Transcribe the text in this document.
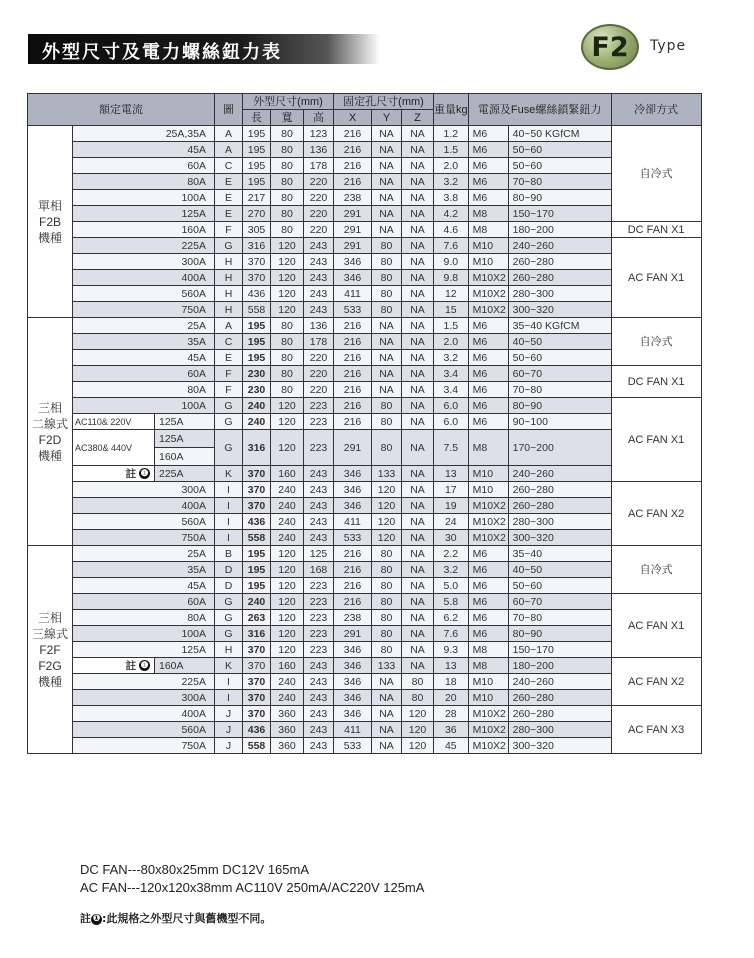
外型尺寸及電力螺絲鈕力表	F2	Type
額定電流			圖	外型尺寸(mm)			固定孔尺寸(mm)			重量kg	電源及Fuse螺絲鎖緊鈕力		冷卻方式
				長	寬	高	X	Y	Z				

單相
F2B
機種	25A,35A		A	195	80	123	216	NA	NA	1.2	M6	40~50 KGfCM	自冷式
	45A		A	195	80	136	216	NA	NA	1.5	M6	50~60	
	60A		C	195	80	178	216	NA	NA	2.0	M6	50~60	
	80A		E	195	80	220	216	NA	NA	3.2	M6	70~80	
	100A		E	217	80	220	238	NA	NA	3.8	M6	80~90	
	125A		E	270	80	220	291	NA	NA	4.2	M8	150~170	
	160A		F	305	80	220	291	NA	NA	4.6	M8	180~200	DC FAN X1
	225A		G	316	120	243	291	80	NA	7.6	M10	240~260	AC FAN X1
	300A		H	370	120	243	346	80	NA	9.0	M10	260~280	
	400A		H	370	120	243	346	80	NA	9.8	M10X2	260~280	
	560A		H	436	120	243	411	80	NA	12	M10X2	280~300	
	750A		H	558	120	243	533	80	NA	15	M10X2	300~320	

三相
二線式
F2D
機種	25A		A	195	80	136	216	NA	NA	1.5	M6	35~40 KGfCM	自冷式
	35A		C	195	80	178	216	NA	NA	2.0	M6	40~50	
	45A		E	195	80	220	216	NA	NA	3.2	M6	50~60	
	60A		F	230	80	220	216	NA	NA	3.4	M6	60~70	DC FAN X1
	80A		F	230	80	220	216	NA	NA	3.4	M6	70~80	
	100A		G	240	120	223	216	80	NA	6.0	M6	80~90	AC FAN X1
	AC110& 220V	125A	G	240	120	223	216	80	NA	6.0	M6	90~100	
	AC380& 440V	125A	G	316	120	223	291	80	NA	7.5	M8	170~200	
		160A											
	註 ❶	225A	K	370	160	243	346	133	NA	13	M10	240~260	
	300A		I	370	240	243	346	120	NA	17	M10	260~280	AC FAN X2
	400A		I	370	240	243	346	120	NA	19	M10X2	260~280	
	560A		I	436	240	243	411	120	NA	24	M10X2	280~300	
	750A		I	558	240	243	533	120	NA	30	M10X2	300~320	

三相
三線式
F2F
F2G
機種	25A		B	195	120	125	216	80	NA	2.2	M6	35~40	自冷式
	35A		D	195	120	168	216	80	NA	3.2	M6	40~50	
	45A		D	195	120	223	216	80	NA	5.0	M6	50~60	
	60A		G	240	120	223	216	80	NA	5.8	M6	60~70	AC FAN X1
	80A		G	263	120	223	238	80	NA	6.2	M6	70~80	
	100A		G	316	120	223	291	80	NA	7.6	M6	80~90	
	125A		H	370	120	223	346	80	NA	9.3	M8	150~170	
	註 ❶	160A	K	370	160	243	346	133	NA	13	M8	180~200	AC FAN X2
	225A		I	370	240	243	346	NA	80	18	M10	240~260	
	300A		I	370	240	243	346	NA	80	20	M10	260~280	
	400A		J	370	360	243	346	NA	120	28	M10X2	260~280	AC FAN X3
	560A		J	436	360	243	411	NA	120	36	M10X2	280~300	
	750A		J	558	360	243	533	NA	120	45	M10X2	300~320	
DC FAN---80x80x25mm DC12V 165mA
AC FAN---120x120x38mm AC110V 250mA/AC220V 125mA
註 ❶ :此規格之外型尺寸與舊機型不同。
